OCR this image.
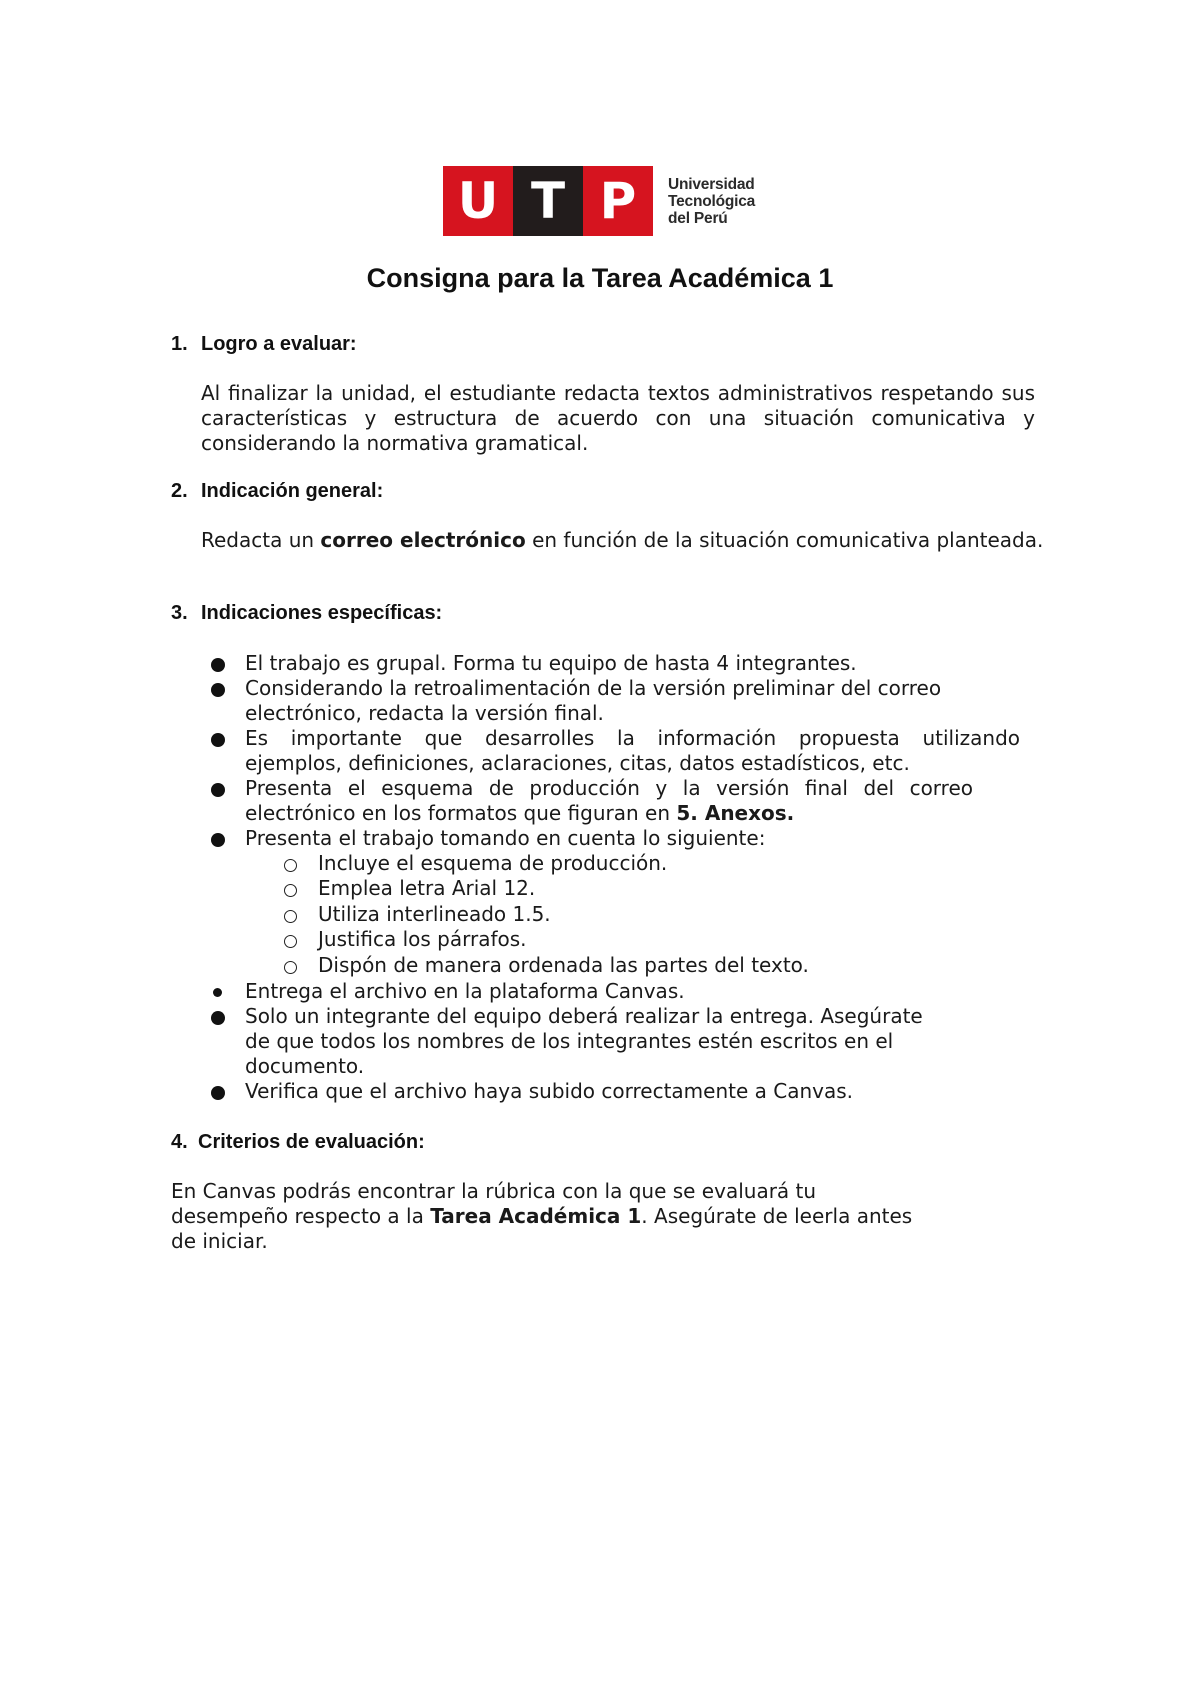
U T P	Universidad
Tecnológica
del Perú
Consigna para la Tarea Académica 1
1. Logro a evaluar:
Al finalizar la unidad, el estudiante redacta textos administrativos respetando sus características y estructura de acuerdo con una situación comunicativa y considerando la normativa gramatical.
2. Indicación general:
Redacta un correo electrónico en función de la situación comunicativa planteada.
3. Indicaciones específicas:
El trabajo es grupal. Forma tu equipo de hasta 4 integrantes.
Considerando la retroalimentación de la versión preliminar del correo
electrónico, redacta la versión final.
Es importante que desarrolles la información propuesta utilizando
ejemplos, definiciones, aclaraciones, citas, datos estadísticos, etc.
Presenta el esquema de producción y la versión final del correo
electrónico en los formatos que figuran en 5. Anexos.
Presenta el trabajo tomando en cuenta lo siguiente:
Incluye el esquema de producción.
Emplea letra Arial 12.
Utiliza interlineado 1.5.
Justifica los párrafos.
Dispón de manera ordenada las partes del texto.
Entrega el archivo en la plataforma Canvas.
Solo un integrante del equipo deberá realizar la entrega. Asegúrate
de que todos los nombres de los integrantes estén escritos en el
documento.
Verifica que el archivo haya subido correctamente a Canvas.
4. Criterios de evaluación:
En Canvas podrás encontrar la rúbrica con la que se evaluará tu
desempeño respecto a la Tarea Académica 1. Asegúrate de leerla antes
de iniciar.
